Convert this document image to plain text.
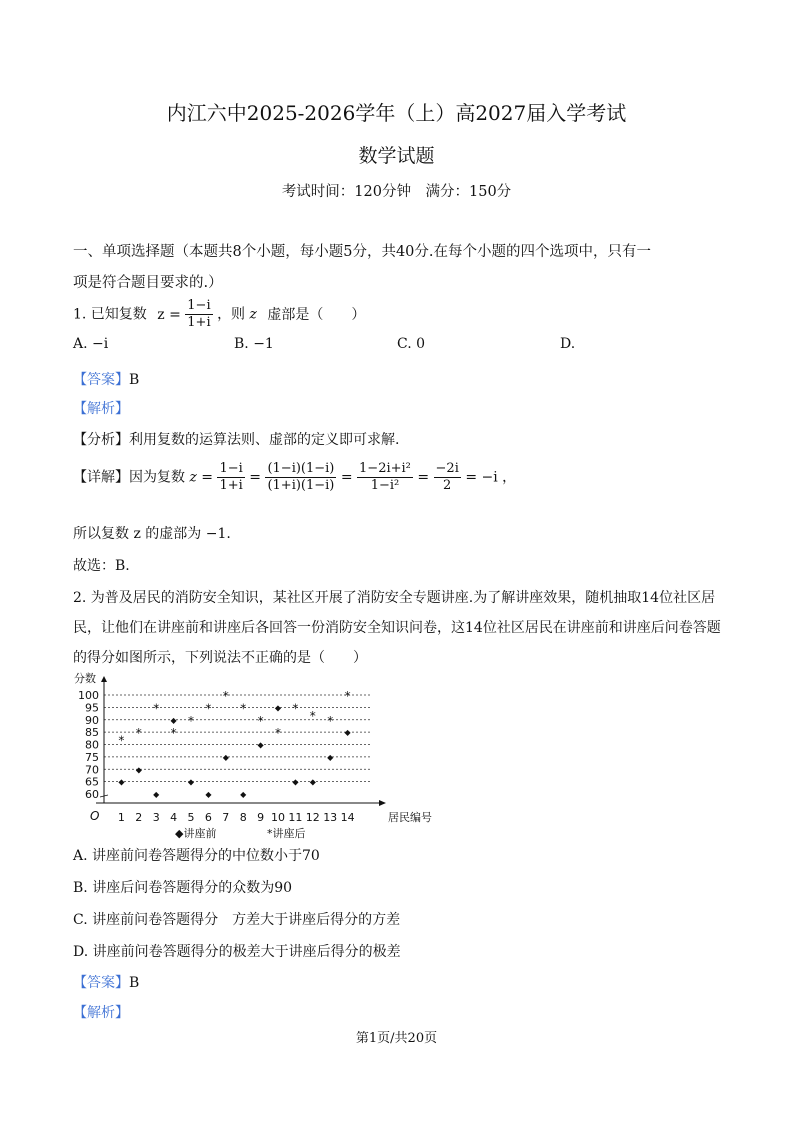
内江六中2025-2026学年（上）高2027届入学考试
数学试题
考试时间：120分钟　满分：150分
一、单项选择题（本题共8个小题，每小题5分，共40分.在每个小题的四个选项中，只有一
项是符合题目要求的.）
1. 已知复数 $z = \frac{1-i}{1+i}$ ，则 z 虚部是（　　）
A. −i	B. −1	C. 0	D.
【答案】B
【解析】
【分析】利用复数的运算法则、虚部的定义即可求解.
【详解】因为复数 $z = \frac{1-i}{1+i} = \frac{(1-i)(1-i)}{(1+i)(1-i)} = \frac{\text{1−2i+i²}}{\text{1−i²}} = \frac{-2i}{2} = -i$ ，
所以复数 z 的虚部为 −1.
故选：B.
2. 为普及居民的消防安全知识，某社区开展了消防安全专题讲座.为了解讲座效果，随机抽取14位社区居
民，让他们在讲座前和讲座后各回答一份消防安全知识问卷，这14位社区居民在讲座前和讲座后问卷答题
的得分如图所示，下列说法不正确的是（　　）
60
65
70
75
80
85
90
95
100
分数
O	居民编号
1 2 3 4 5 6 7 8 9 10 11 12 13 14
◆
◆
◆
◆
◆
◆
◆
◆
◆
◆
◆ ◆
◆
◆
*
*
*
*
*
*
*
*
*
*
*
* *
*
◆讲座前	*讲座后
A. 讲座前问卷答题得分的中位数小于70
B. 讲座后问卷答题得分的众数为90
C. 讲座前问卷答题得分　方差大于讲座后得分的方差
D. 讲座前问卷答题得分的极差大于讲座后得分的极差
【答案】B
【解析】
第1页/共20页
